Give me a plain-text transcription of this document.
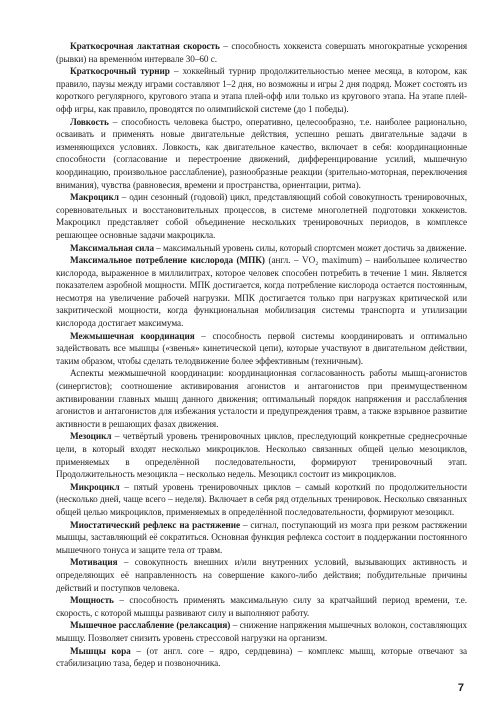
Краткосрочная лактатная скорость – способность хоккеиста совершать многократные ускорения (рывки) на временно́м интервале 30–60 с.

Краткосрочный турнир – хоккейный турнир продолжительностью менее месяца, в котором, как правило, паузы между играми составляют 1–2 дня, но возможны и игры 2 дня подряд. Может состоять из короткого регулярного, кругового этапа и этапа плей-офф или только из кругового этапа. На этапе плей-офф игры, как правило, проводятся по олимпийской системе (до 1 победы).

Ловкость – способность человека быстро, оперативно, целесообразно, т.е. наиболее рационально, осваивать и применять новые двигательные действия, успешно решать двигательные задачи в изменяющихся условиях. Ловкость, как двигательное качество, включает в себя: координационные способности (согласование и перестроение движений, дифференцирование усилий, мышечную координацию, произвольное расслабление), разнообразные реакции (зрительно-моторная, переключения внимания), чувства (равновесия, времени и пространства, ориентации, ритма).

Макроцикл – один сезонный (годовой) цикл, представляющий собой совокупность тренировочных, соревновательных и восстановительных процессов, в системе многолетней подготовки хоккеистов. Макроцикл представляет собой объединение нескольких тренировочных периодов, в комплексе решающее основные задачи макроцикла.

Максимальная сила – максимальный уровень силы, который спортсмен может достичь за движение.

Максимальное потребление кислорода (МПК) (англ. – VO₂ maximum) – наибольшее количество кислорода, выраженное в миллилитрах, которое человек способен потребить в течение 1 мин. Является показателем аэробной мощности. МПК достигается, когда потребление кислорода остается постоянным, несмотря на увеличение рабочей нагрузки. МПК достигается только при нагрузках критической или закритической мощности, когда функциональная мобилизация системы транспорта и утилизации кислорода достигает максимума.

Межмышечная координация – способность первой системы координировать и оптимально задействовать все мышцы («звенья» кинетической цепи), которые участвуют в двигательном действии, таким образом, чтобы сделать телодвижение более эффективным (техничным).

Аспекты межмышечной координации: координационная согласованность работы мышц-агонистов (синергистов); соотношение активирования агонистов и антагонистов при преимущественном активировании главных мышц данного движения; оптимальный порядок напряжения и расслабления агонистов и антагонистов для избежания усталости и предупреждения травм, а также взрывное развитие активности в решающих фазах движения.

Мезоцикл – четвёртый уровень тренировочных циклов, преследующий конкретные среднесрочные цели, в который входят несколько микроциклов. Несколько связанных общей целью мезоциклов, применяемых в определённой последовательности, формируют тренировочный этап. Продолжительность мезоцикла – несколько недель. Мезоцикл состоит из микроциклов.

Микроцикл – пятый уровень тренировочных циклов – самый короткий по продолжительности (несколько дней, чаще всего – неделя). Включает в себя ряд отдельных тренировок. Несколько связанных общей целью микроциклов, применяемых в определённой последовательности, формируют мезоцикл.

Миостатический рефлекс на растяжение – сигнал, поступающий из мозга при резком растяжении мышцы, заставляющий её сократиться. Основная функция рефлекса состоит в поддержании постоянного мышечного тонуса и защите тела от травм.

Мотивация – совокупность внешних и/или внутренних условий, вызывающих активность и определяющих её направленность на совершение какого-либо действия; побудительные причины действий и поступков человека.

Мощность – способность применять максимальную силу за кратчайший период времени, т.е. скорость, с которой мышцы развивают силу и выполняют работу.

Мышечное расслабление (релаксация) – снижение напряжения мышечных волокон, составляющих мышцу. Позволяет снизить уровень стрессовой нагрузки на организм.

Мышцы кора – (от англ. core – ядро, сердцевина) – комплекс мышц, которые отвечают за стабилизацию таза, бедер и позвоночника.

7
